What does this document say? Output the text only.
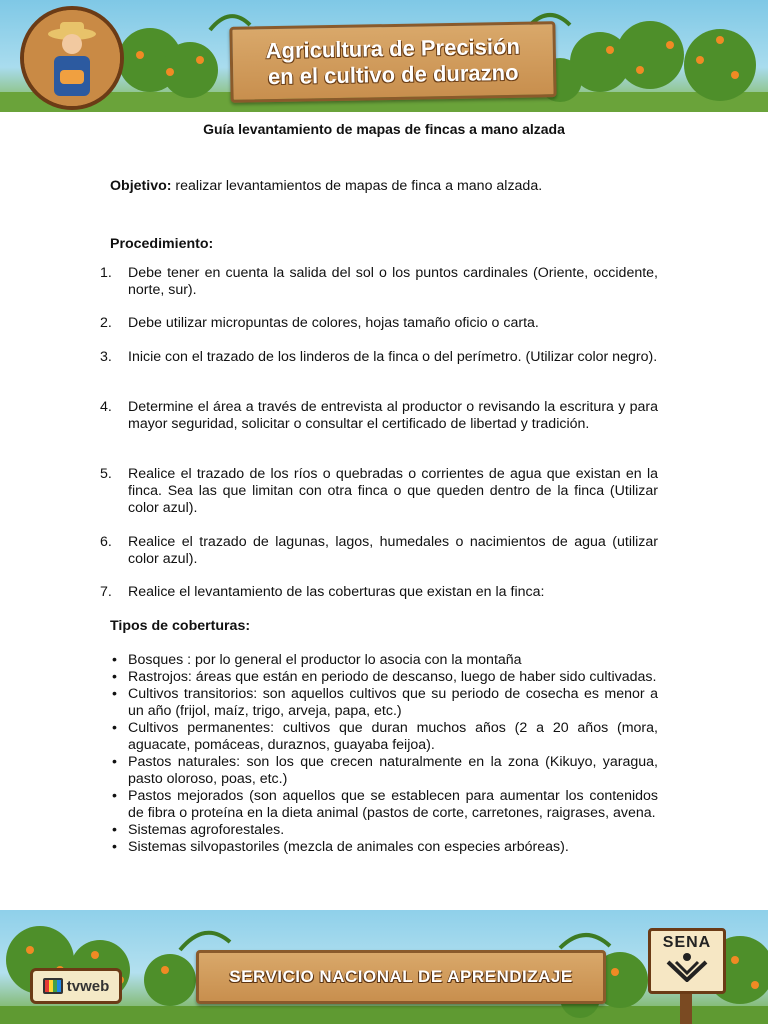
Agricultura de Precisión
en el cultivo de durazno
Guía levantamiento de mapas de fincas a mano alzada
Objetivo: realizar levantamientos de mapas de finca a mano alzada.
Procedimiento:
1. Debe tener en cuenta la salida del sol o los puntos cardinales (Oriente, occidente, norte, sur).
2. Debe utilizar micropuntas de colores, hojas tamaño oficio o carta.
3. Inicie con el trazado de los linderos de la finca o del perímetro. (Utilizar color negro).
4. Determine el área a través de entrevista al productor o revisando la escritura y para mayor seguridad, solicitar o consultar el certificado de libertad y tradición.
5. Realice el trazado de los ríos o quebradas o corrientes de agua que existan en la finca. Sea las que limitan con otra finca o que queden dentro de la finca (Utilizar color azul).
6. Realice el trazado de lagunas, lagos, humedales o nacimientos de agua (utilizar color azul).
7. Realice el levantamiento de las coberturas que existan en la finca:
Tipos de coberturas:
• Bosques : por lo general el productor lo asocia con la montaña
• Rastrojos: áreas que están en periodo de descanso, luego de haber sido cultivadas.
• Cultivos transitorios: son aquellos cultivos que su periodo de cosecha es menor a un año (frijol, maíz, trigo, arveja, papa, etc.)
• Cultivos permanentes: cultivos que duran muchos años (2 a 20 años (mora, aguacate, pomáceas, duraznos, guayaba feijoa).
• Pastos naturales: son los que crecen naturalmente en la zona (Kikuyo, yaragua, pasto oloroso, poas, etc.)
• Pastos mejorados (son aquellos que se establecen para aumentar los contenidos de fibra o proteína en la dieta animal (pastos de corte, carretones, raigrases, avena.
• Sistemas agroforestales.
• Sistemas silvopastoriles (mezcla de animales con especies arbóreas).
tvweb	SERVICIO NACIONAL DE APRENDIZAJE
SENA
